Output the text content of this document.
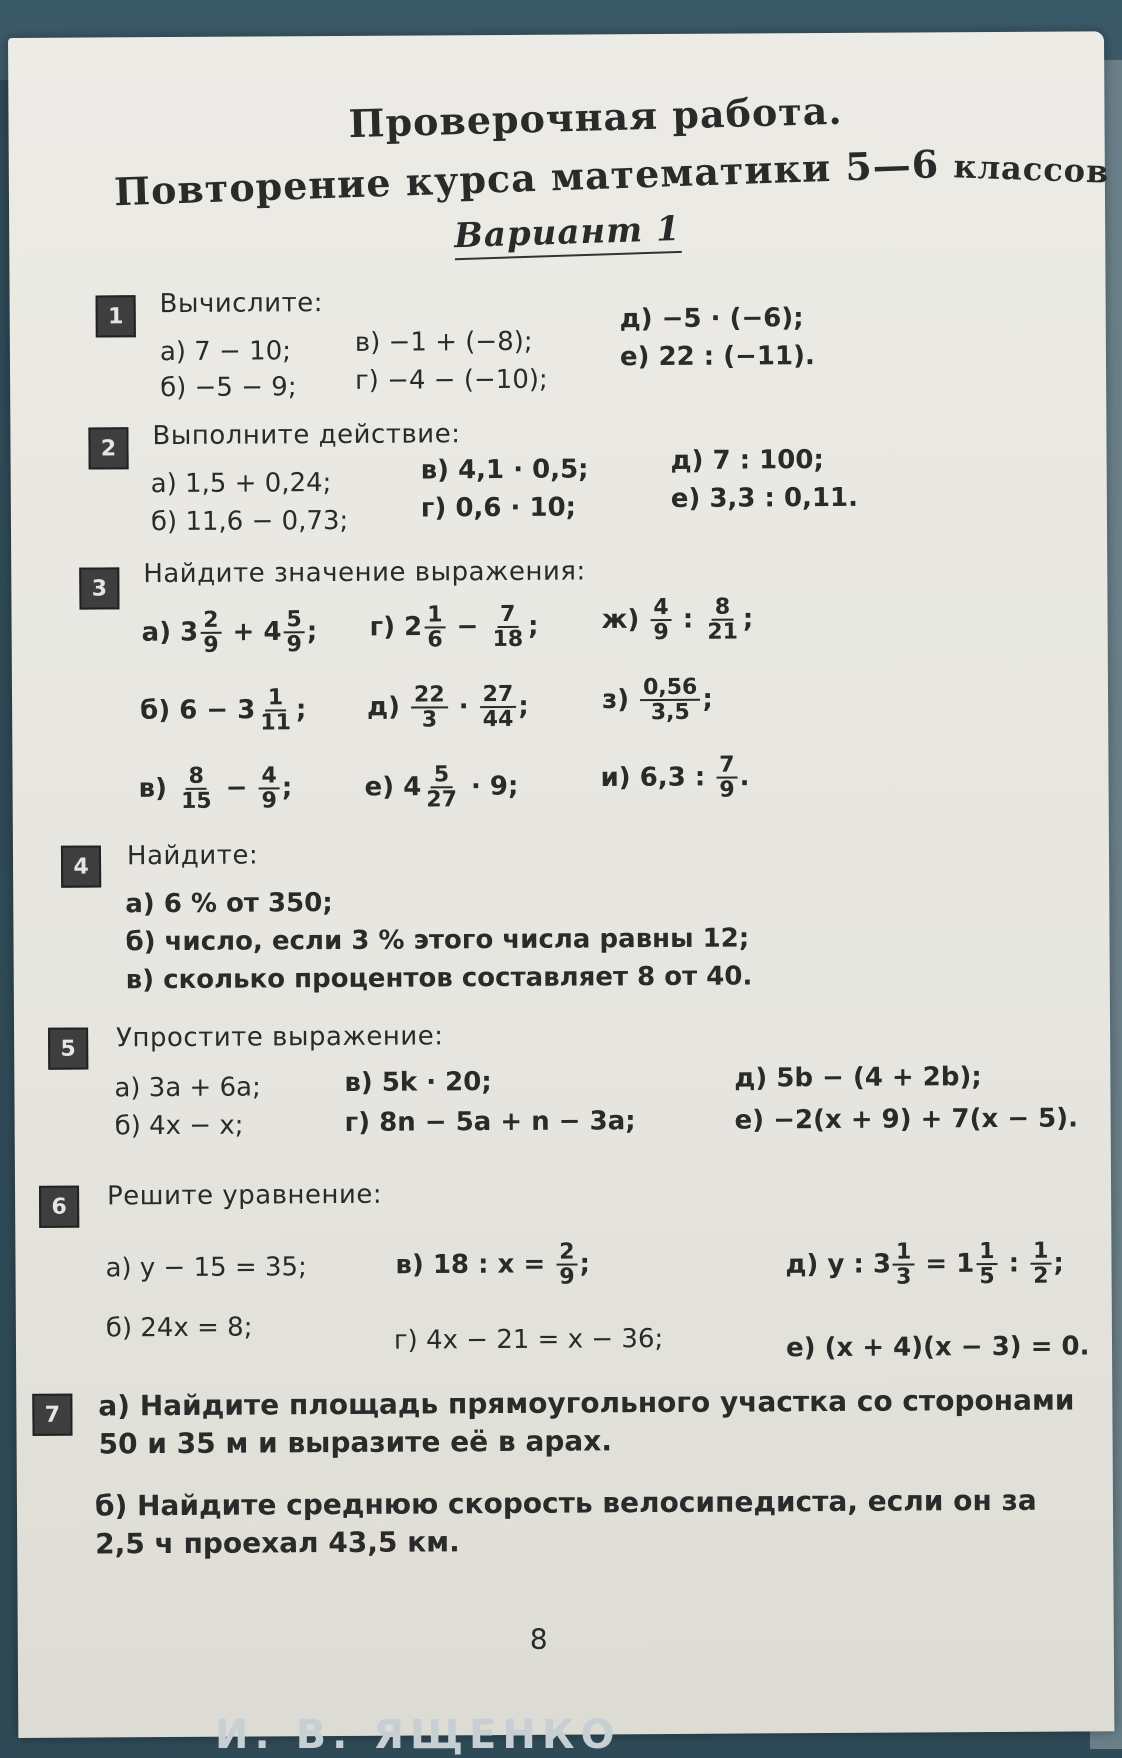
Проверочная работа.
Повторение курса математики 5—6 классов
Вариант 1
1	Вычислите:
а) 7 − 10;
б) −5 − 9;
в) −1 + (−8);
г) −4 − (−10);
д) −5 · (−6);
е) 22 : (−11).
2	Выполните действие:
а) 1,5 + 0,24;
б) 11,6 − 0,73;
в) 4,1 · 0,5;
г) 0,6 · 10;
д) 7 : 100;
е) 3,3 : 0,11.
3	Найдите значение выражения:
а) $3 \frac{2}{9} + 4 \frac{5}{9}$ ;
б) $6 - 3 \frac{1}{11}$ ;
$в) \frac{8}{15} - \frac{4}{9}$ ;
г) $2 \frac{1}{6} - \frac{7}{18}$ ;
$д) \frac{22}{3} \cdot \frac{27}{44}$ ;
е) $4 \frac{5}{27} \cdot 9$;
$ж) \frac{4}{9}$ : $\frac{8}{21}$ ;
$з) \frac{0,56}{3,5}$ ;
и) 6,3 : $\frac{7}{9}$ .
4	Найдите:
а) 6 % от 350;
б) число, если 3 % этого числа равны 12;
в) сколько процентов составляет 8 от 40.
5	Упростите выражение:
а) 3a + 6a;
б) 4x − x;
в) 5k · 20;
г) 8n − 5a + n − 3a;
д) 5b − (4 + 2b);
е) −2(x + 9) + 7(x − 5).
6	Решите уравнение:
а) y − 15 = 35;
б) 24x = 8;
в) 18 : $x = \frac{2}{9}$ ;
г) 4x − 21 = x − 36;
д) y : $3 \frac{1}{3} = 1 \frac{1}{5}$ : $\frac{1}{2}$ ;
е) (x + 4)(x − 3) = 0.
7	а) Найдите площадь прямоугольного участка со сторонами 50 и 35 м и выразите её в арах.
б) Найдите среднюю скорость велосипедиста, если он за 2,5 ч проехал 43,5 км.
8
И. В. ЯЩЕНКО
